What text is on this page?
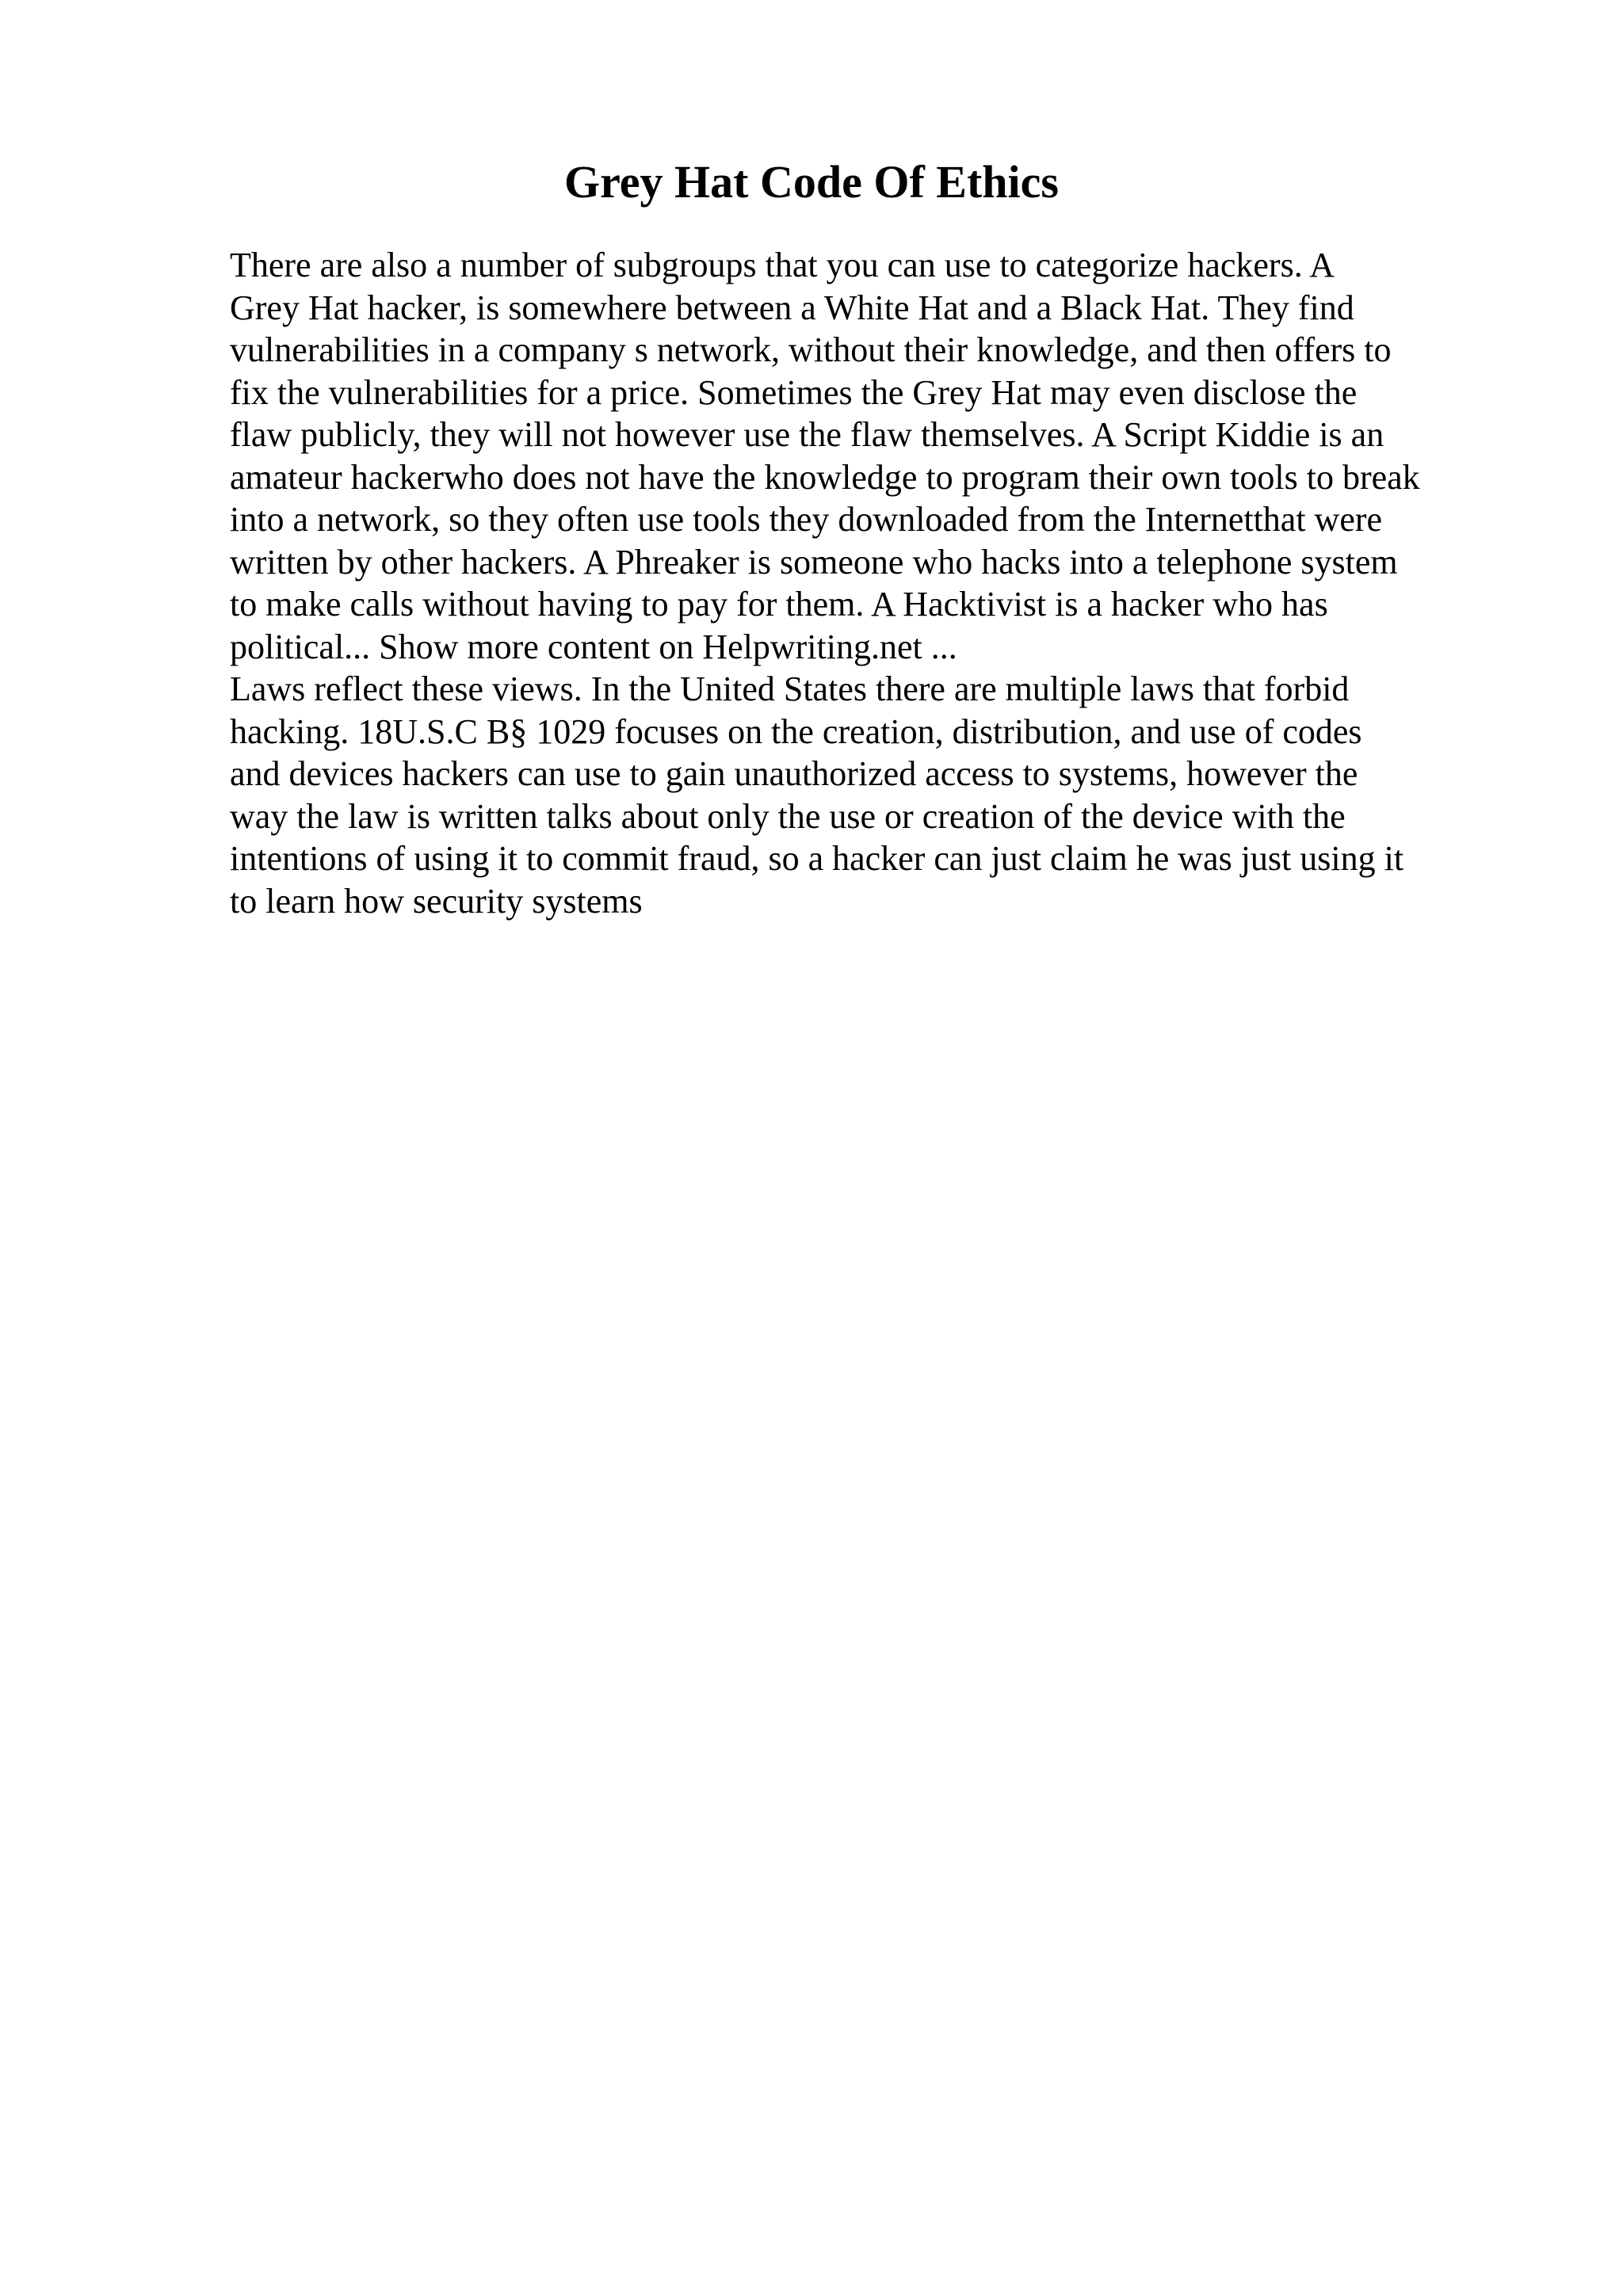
Grey Hat Code Of Ethics
There are also a number of subgroups that you can use to categorize hackers. A
Grey Hat hacker, is somewhere between a White Hat and a Black Hat. They find
vulnerabilities in a company s network, without their knowledge, and then offers to
fix the vulnerabilities for a price. Sometimes the Grey Hat may even disclose the
flaw publicly, they will not however use the flaw themselves. A Script Kiddie is an
amateur hackerwho does not have the knowledge to program their own tools to break
into a network, so they often use tools they downloaded from the Internetthat were
written by other hackers. A Phreaker is someone who hacks into a telephone system
to make calls without having to pay for them. A Hacktivist is a hacker who has
political... Show more content on Helpwriting.net ...
Laws reflect these views. In the United States there are multiple laws that forbid
hacking. 18U.S.C B§ 1029 focuses on the creation, distribution, and use of codes
and devices hackers can use to gain unauthorized access to systems, however the
way the law is written talks about only the use or creation of the device with the
intentions of using it to commit fraud, so a hacker can just claim he was just using it
to learn how security systems
